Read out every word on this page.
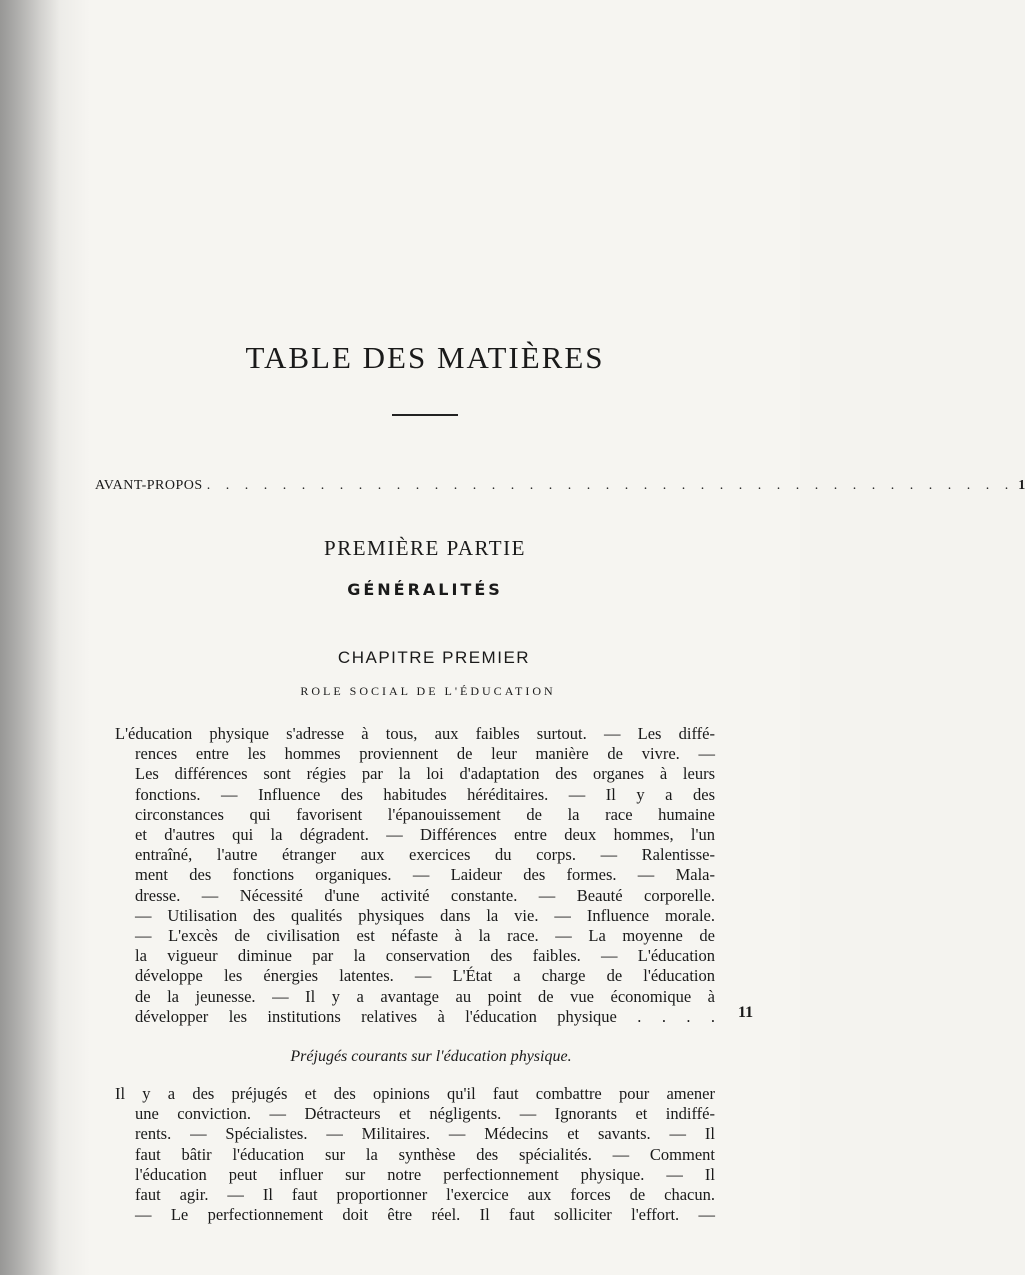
TABLE DES MATIÈRES
AVANT-PROPOS . . . . . . . . . . . . . . . . . . . . . . . . . . . . . . . . . . . . . . . . . . . 1
PREMIÈRE PARTIE
GÉNÉRALITÉS
CHAPITRE PREMIER
ROLE SOCIAL DE L'ÉDUCATION
L'éducation physique s'adresse à tous, aux faibles surtout. — Les diffé-
rences entre les hommes proviennent de leur manière de vivre. —
Les différences sont régies par la loi d'adaptation des organes à leurs
fonctions. — Influence des habitudes héréditaires. — Il y a des
circonstances qui favorisent l'épanouissement de la race humaine
et d'autres qui la dégradent. — Différences entre deux hommes, l'un
entraîné, l'autre étranger aux exercices du corps. — Ralentisse-
ment des fonctions organiques. — Laideur des formes. — Mala-
dresse. — Nécessité d'une activité constante. — Beauté corporelle.
— Utilisation des qualités physiques dans la vie. — Influence morale.
— L'excès de civilisation est néfaste à la race. — La moyenne de
la vigueur diminue par la conservation des faibles. — L'éducation
développe les énergies latentes. — L'État a charge de l'éducation
de la jeunesse. — Il y a avantage au point de vue économique à
développer les institutions relatives à l'éducation physique . . . . 11
Préjugés courants sur l'éducation physique.
Il y a des préjugés et des opinions qu'il faut combattre pour amener
une conviction. — Détracteurs et négligents. — Ignorants et indiffé-
rents. — Spécialistes. — Militaires. — Médecins et savants. — Il
faut bâtir l'éducation sur la synthèse des spécialités. — Comment
l'éducation peut influer sur notre perfectionnement physique. — Il
faut agir. — Il faut proportionner l'exercice aux forces de chacun.
— Le perfectionnement doit être réel. Il faut solliciter l'effort. —
